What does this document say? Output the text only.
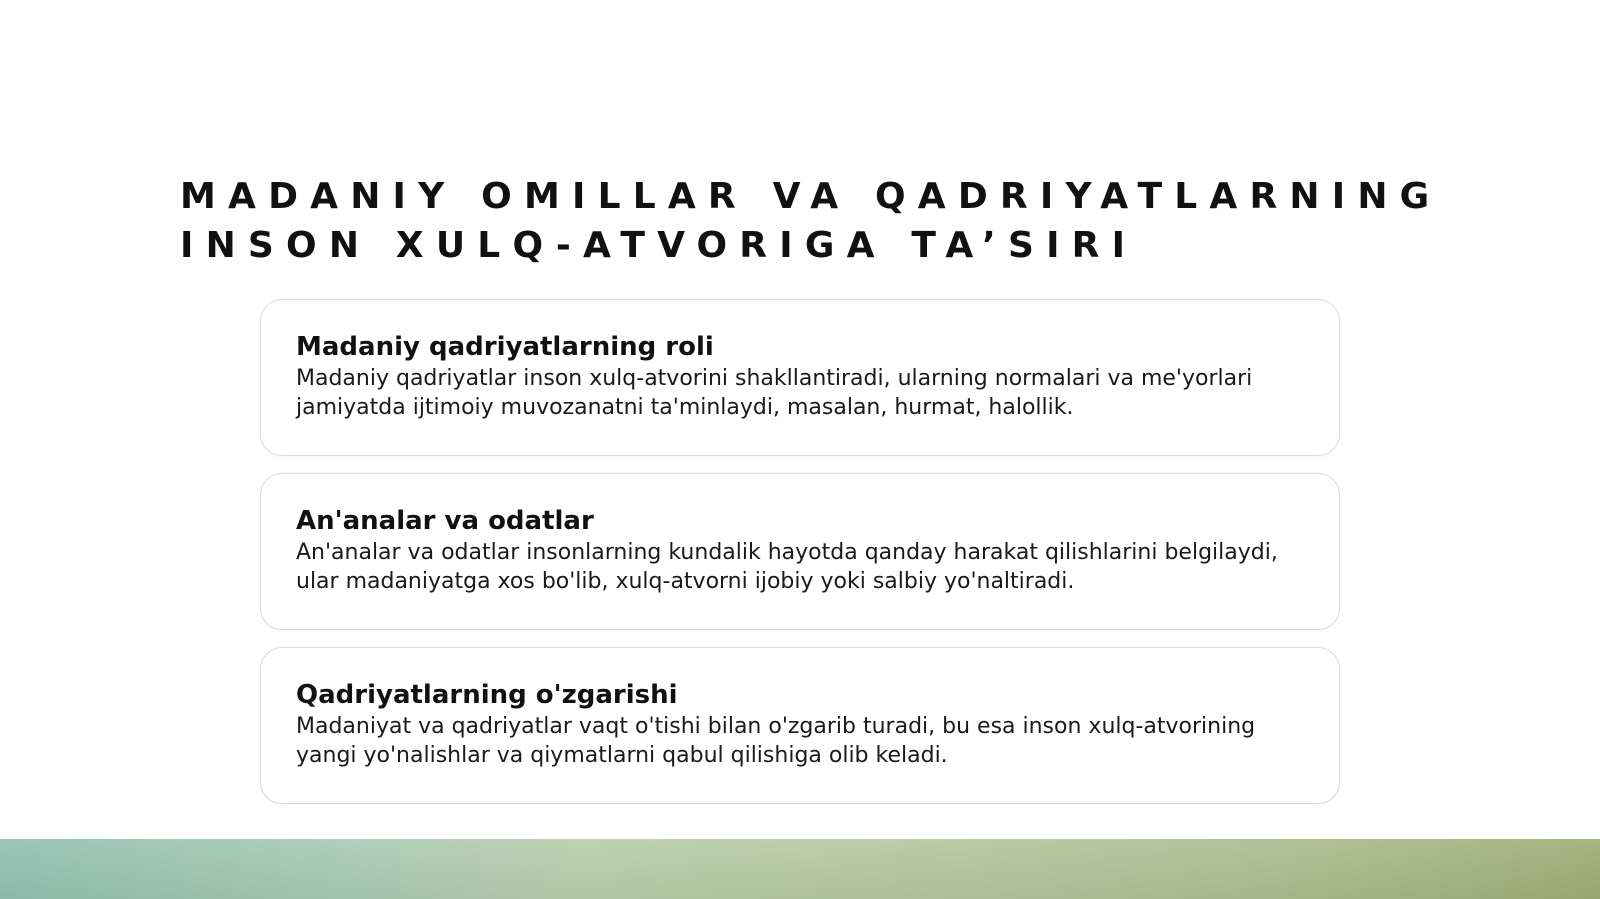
MADANIY OMILLAR VA QADRIYATLARNING
INSON XULQ-ATVORIGA TA’SIRI

Madaniy qadriyatlarning roli

Madaniy qadriyatlar inson xulq-atvorini shakllantiradi, ularning normalari va me'yorlari
jamiyatda ijtimoiy muvozanatni ta'minlaydi, masalan, hurmat, halollik.

An'analar va odatlar

An'analar va odatlar insonlarning kundalik hayotda qanday harakat qilishlarini belgilaydi,
ular madaniyatga xos bo'lib, xulq-atvorni ijobiy yoki salbiy yo'naltiradi.

Qadriyatlarning o'zgarishi

Madaniyat va qadriyatlar vaqt o'tishi bilan o'zgarib turadi, bu esa inson xulq-atvorining
yangi yo'nalishlar va qiymatlarni qabul qilishiga olib keladi.
